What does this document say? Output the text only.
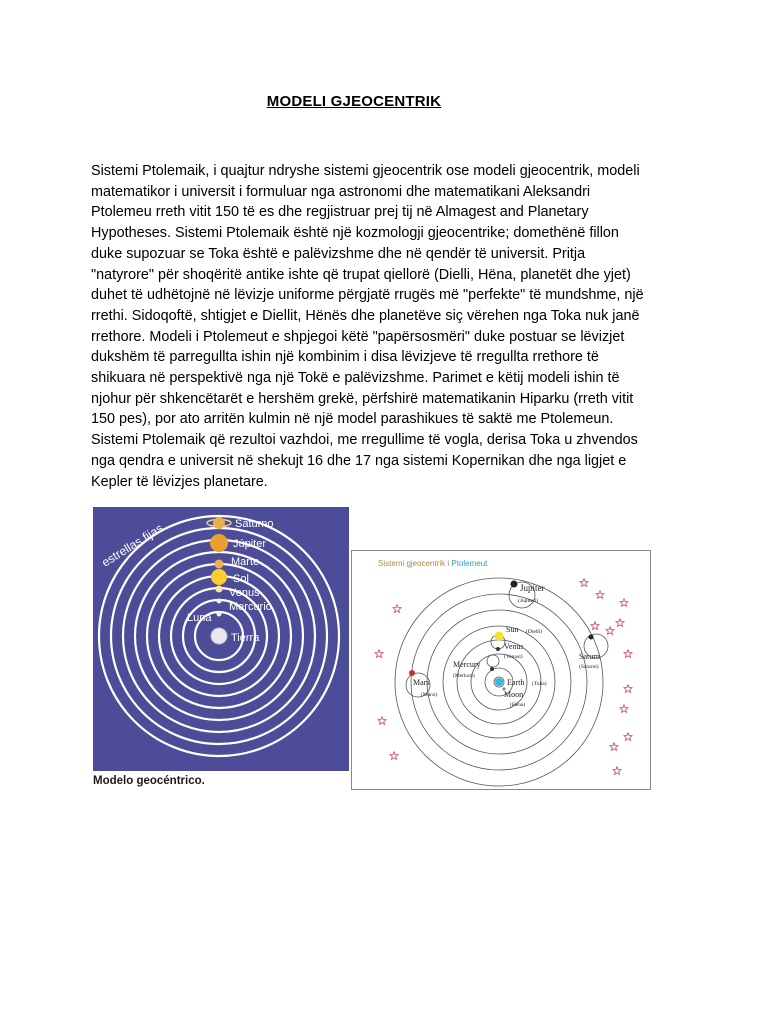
MODELI GJEOCENTRIK
Sistemi Ptolemaik, i quajtur ndryshe sistemi gjeocentrik ose modeli gjeocentrik, modeli
matematikor i universit i formuluar nga astronomi dhe matematikani Aleksandri
Ptolemeu rreth vitit 150 të es dhe regjistruar prej tij në Almagest and Planetary
Hypotheses. Sistemi Ptolemaik është një kozmologji gjeocentrike; domethënë fillon
duke supozuar se Toka është e palëvizshme dhe në qendër të universit. Pritja
"natyrore" për shoqëritë antike ishte që trupat qiellorë (Dielli, Hëna, planetët dhe yjet)
duhet të udhëtojnë në lëvizje uniforme përgjatë rrugës më "perfekte" të mundshme, një
rrethi. Sidoqoftë, shtigjet e Diellit, Hënës dhe planetëve siç vërehen nga Toka nuk janë
rrethore. Modeli i Ptolemeut e shpjegoi këtë "papërsosmëri" duke postuar se lëvizjet
dukshëm të parregullta ishin një kombinim i disa lëvizjeve të rregullta rrethore të
shikuara në perspektivë nga një Tokë e palëvizshme. Parimet e këtij modeli ishin të
njohur për shkencëtarët e hershëm grekë, përfshirë matematikanin Hiparku (rreth vitit
150 pes), por ato arritën kulmin në një model parashikues të saktë me Ptolemeun.
Sistemi Ptolemaik që rezultoi vazhdoi, me rregullime të vogla, derisa Toka u zhvendos
nga qendra e universit në shekujt 16 dhe 17 nga sistemi Kopernikan dhe nga ligjet e
Kepler të lëvizjes planetare.
Saturno
Júpiter
Marte
Sol
Venus
Mercurio
Luna
Tierra
estrellas fijas
Modelo geocéntrico.
Sistemi gjeocentrik i Ptolemeut
Jupiter
(Jupiteri)
Sun (Dielli)
Venus
(Venusi)	Saturn
(Saturni)
Mercury
(Merkuri)
Mars
(Marsi)
Earth (Toka)
Moon
(Hëna)
